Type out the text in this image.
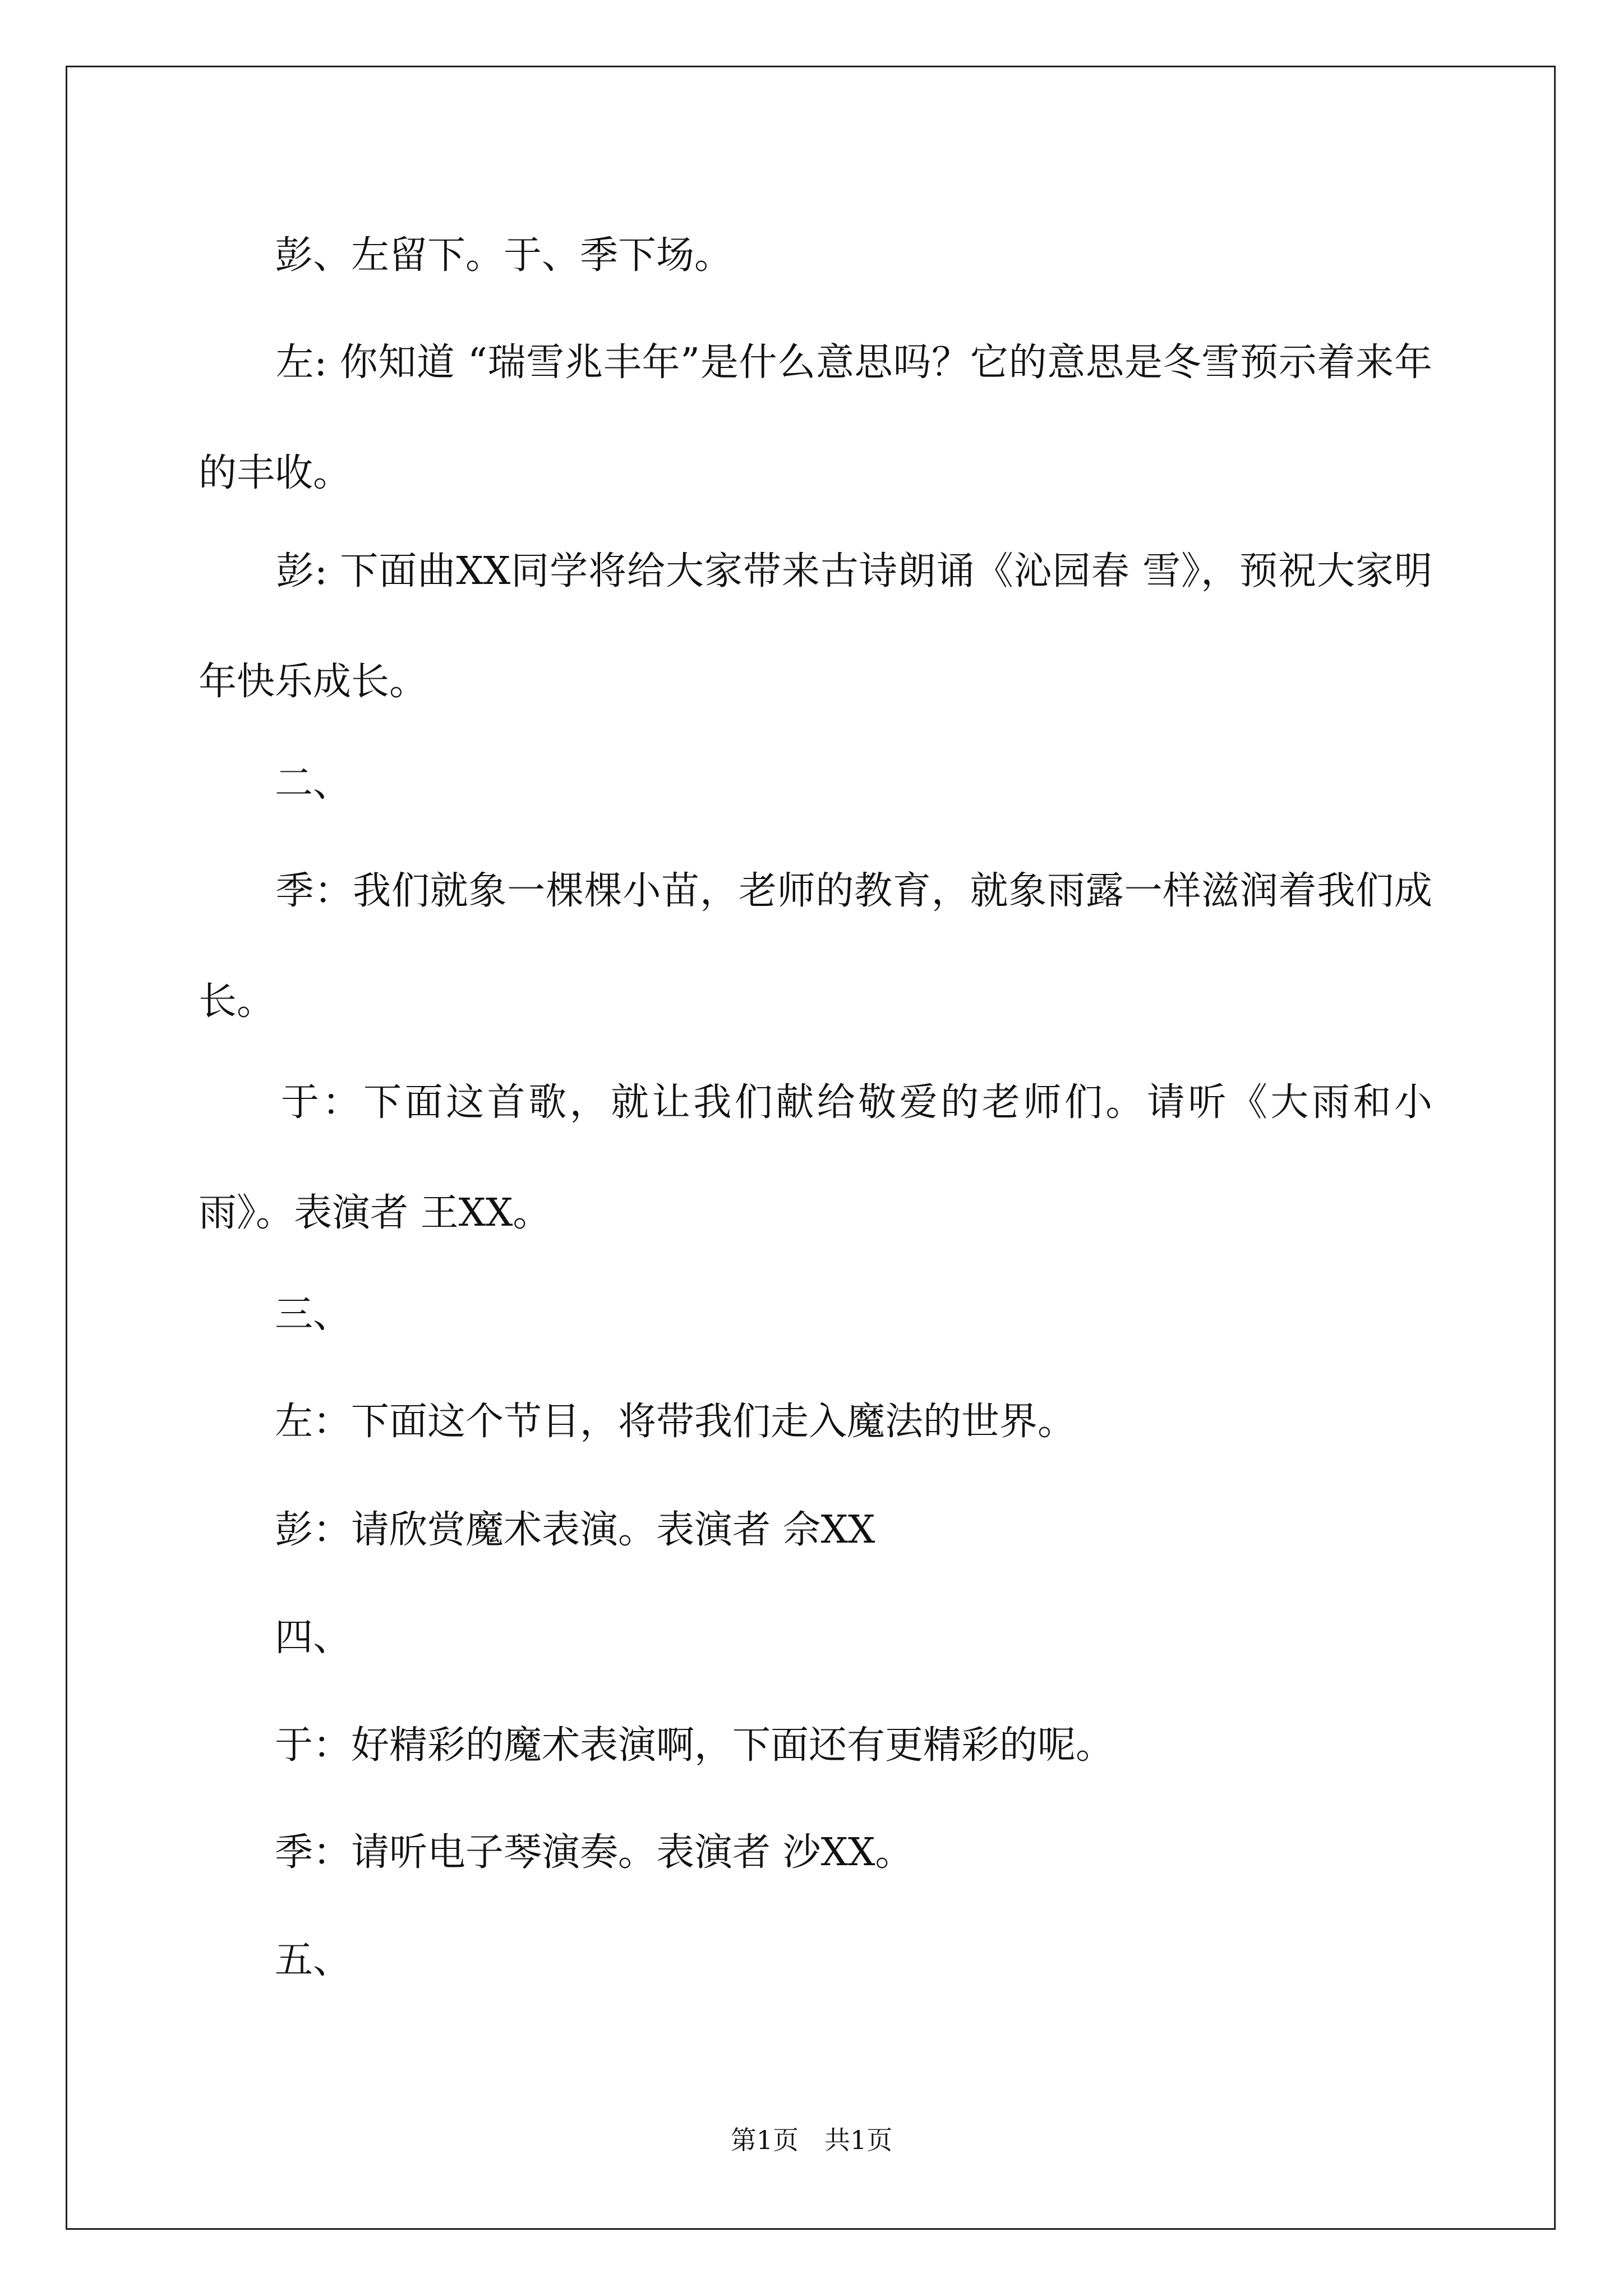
　　彭、左留下。于、季下场。

　　左: 你知道 “瑞雪兆丰年”是什么意思吗？它的意思是冬雪预示着来年的丰收。

　　彭: 下面曲XX同学将给大家带来古诗朗诵《沁园春 雪》，预祝大家明年快乐成长。

　　二、

　　季：我们就象一棵棵小苗，老师的教育，就象雨露一样滋润着我们成长。

　　于：下面这首歌，就让我们献给敬爱的老师们。请听《大雨和小雨》。表演者 王XX。

　　三、

　　左：下面这个节目，将带我们走入魔法的世界。

　　彭：请欣赏魔术表演。表演者 佘XX

　　四、

　　于：好精彩的魔术表演啊，下面还有更精彩的呢。

　　季：请听电子琴演奏。表演者 沙XX。

　　五、

第1页　共1页
